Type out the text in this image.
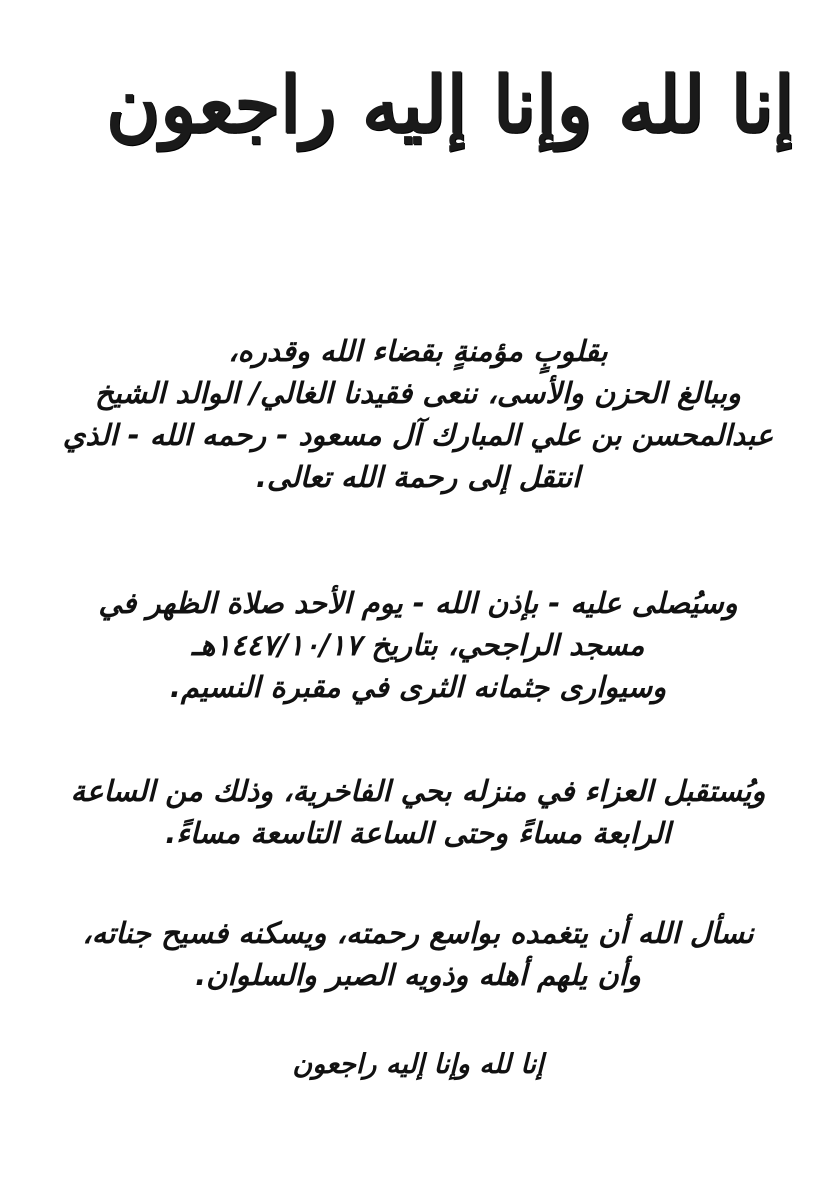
إنا لله وإنا إليه راجعون
بقلوبٍ مؤمنةٍ بقضاء الله وقدره،
وببالغ الحزن والأسى، ننعى فقيدنا الغالي/ الوالد الشيخ
عبدالمحسن بن علي المبارك آل مسعود - رحمه الله - الذي
انتقل إلى رحمة الله تعالى.
وسيُصلى عليه - بإذن الله - يوم الأحد صلاة الظهر في
مسجد الراجحي، بتاريخ ١٤٤٧/١٠/١٧هـ
وسيوارى جثمانه الثرى في مقبرة النسيم.
ويُستقبل العزاء في منزله بحي الفاخرية، وذلك من الساعة
الرابعة مساءً وحتى الساعة التاسعة مساءً.
نسأل الله أن يتغمده بواسع رحمته، ويسكنه فسيح جناته،
وأن يلهم أهله وذويه الصبر والسلوان.
إنا لله وإنا إليه راجعون
